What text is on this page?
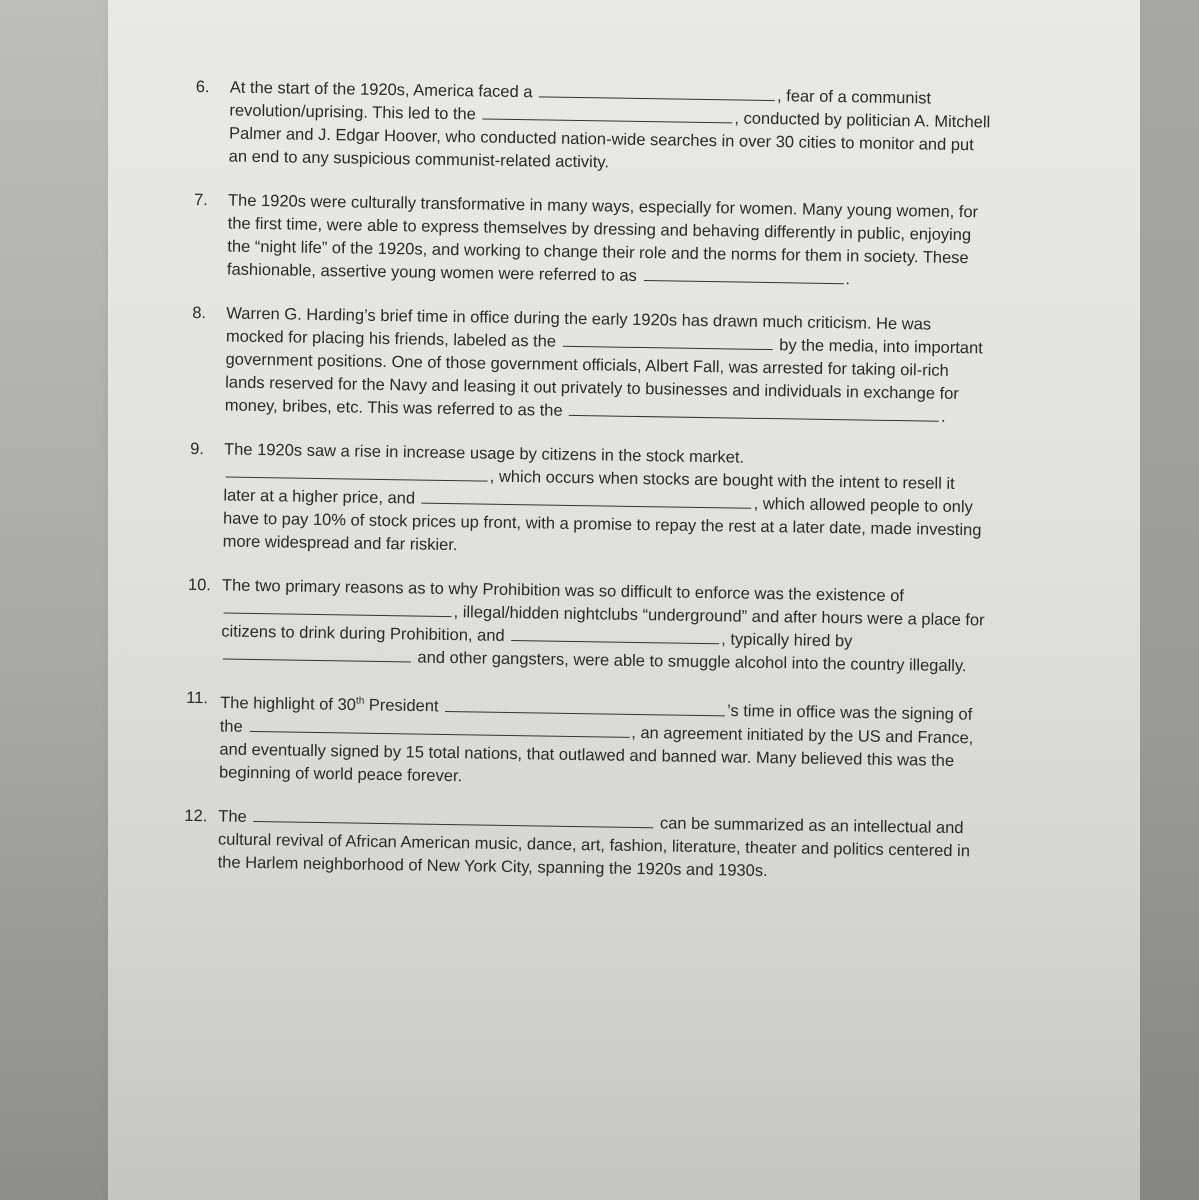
6. At the start of the 1920s, America faced a	, fear of a communist revolution/uprising. This led to the	, conducted by politician A. Mitchell Palmer and J. Edgar Hoover, who conducted nation-wide searches in over 30 cities to monitor and put an end to any suspicious communist-related activity.
7. The 1920s were culturally transformative in many ways, especially for women. Many young women, for the first time, were able to express themselves by dressing and behaving differently in public, enjoying the “night life” of the 1920s, and working to change their role and the norms for them in society. These fashionable, assertive young women were referred to as	.
8. Warren G. Harding’s brief time in office during the early 1920s has drawn much criticism. He was mocked for placing his friends, labeled as the	by the media, into important government positions. One of those government officials, Albert Fall, was arrested for taking oil-rich lands reserved for the Navy and leasing it out privately to businesses and individuals in exchange for money, bribes, etc. This was referred to as the	.
9. The 1920s saw a rise in increase usage by citizens in the stock market. , which occurs when stocks are bought with the intent to resell it later at a higher price, and	, which allowed people to only have to pay 10% of stock prices up front, with a promise to repay the rest at a later date, made investing more widespread and far riskier.
10. The two primary reasons as to why Prohibition was so difficult to enforce was the existence of , illegal/hidden nightclubs “underground” and after hours were a place for citizens to drink during Prohibition, and	, typically hired by  and other gangsters, were able to smuggle alcohol into the country illegally.
11. The highlight of 30th President	’s time in office was the signing of the	, an agreement initiated by the US and France, and eventually signed by 15 total nations, that outlawed and banned war. Many believed this was the beginning of world peace forever.
12. The	can be summarized as an intellectual and cultural revival of African American music, dance, art, fashion, literature, theater and politics centered in the Harlem neighborhood of New York City, spanning the 1920s and 1930s.
